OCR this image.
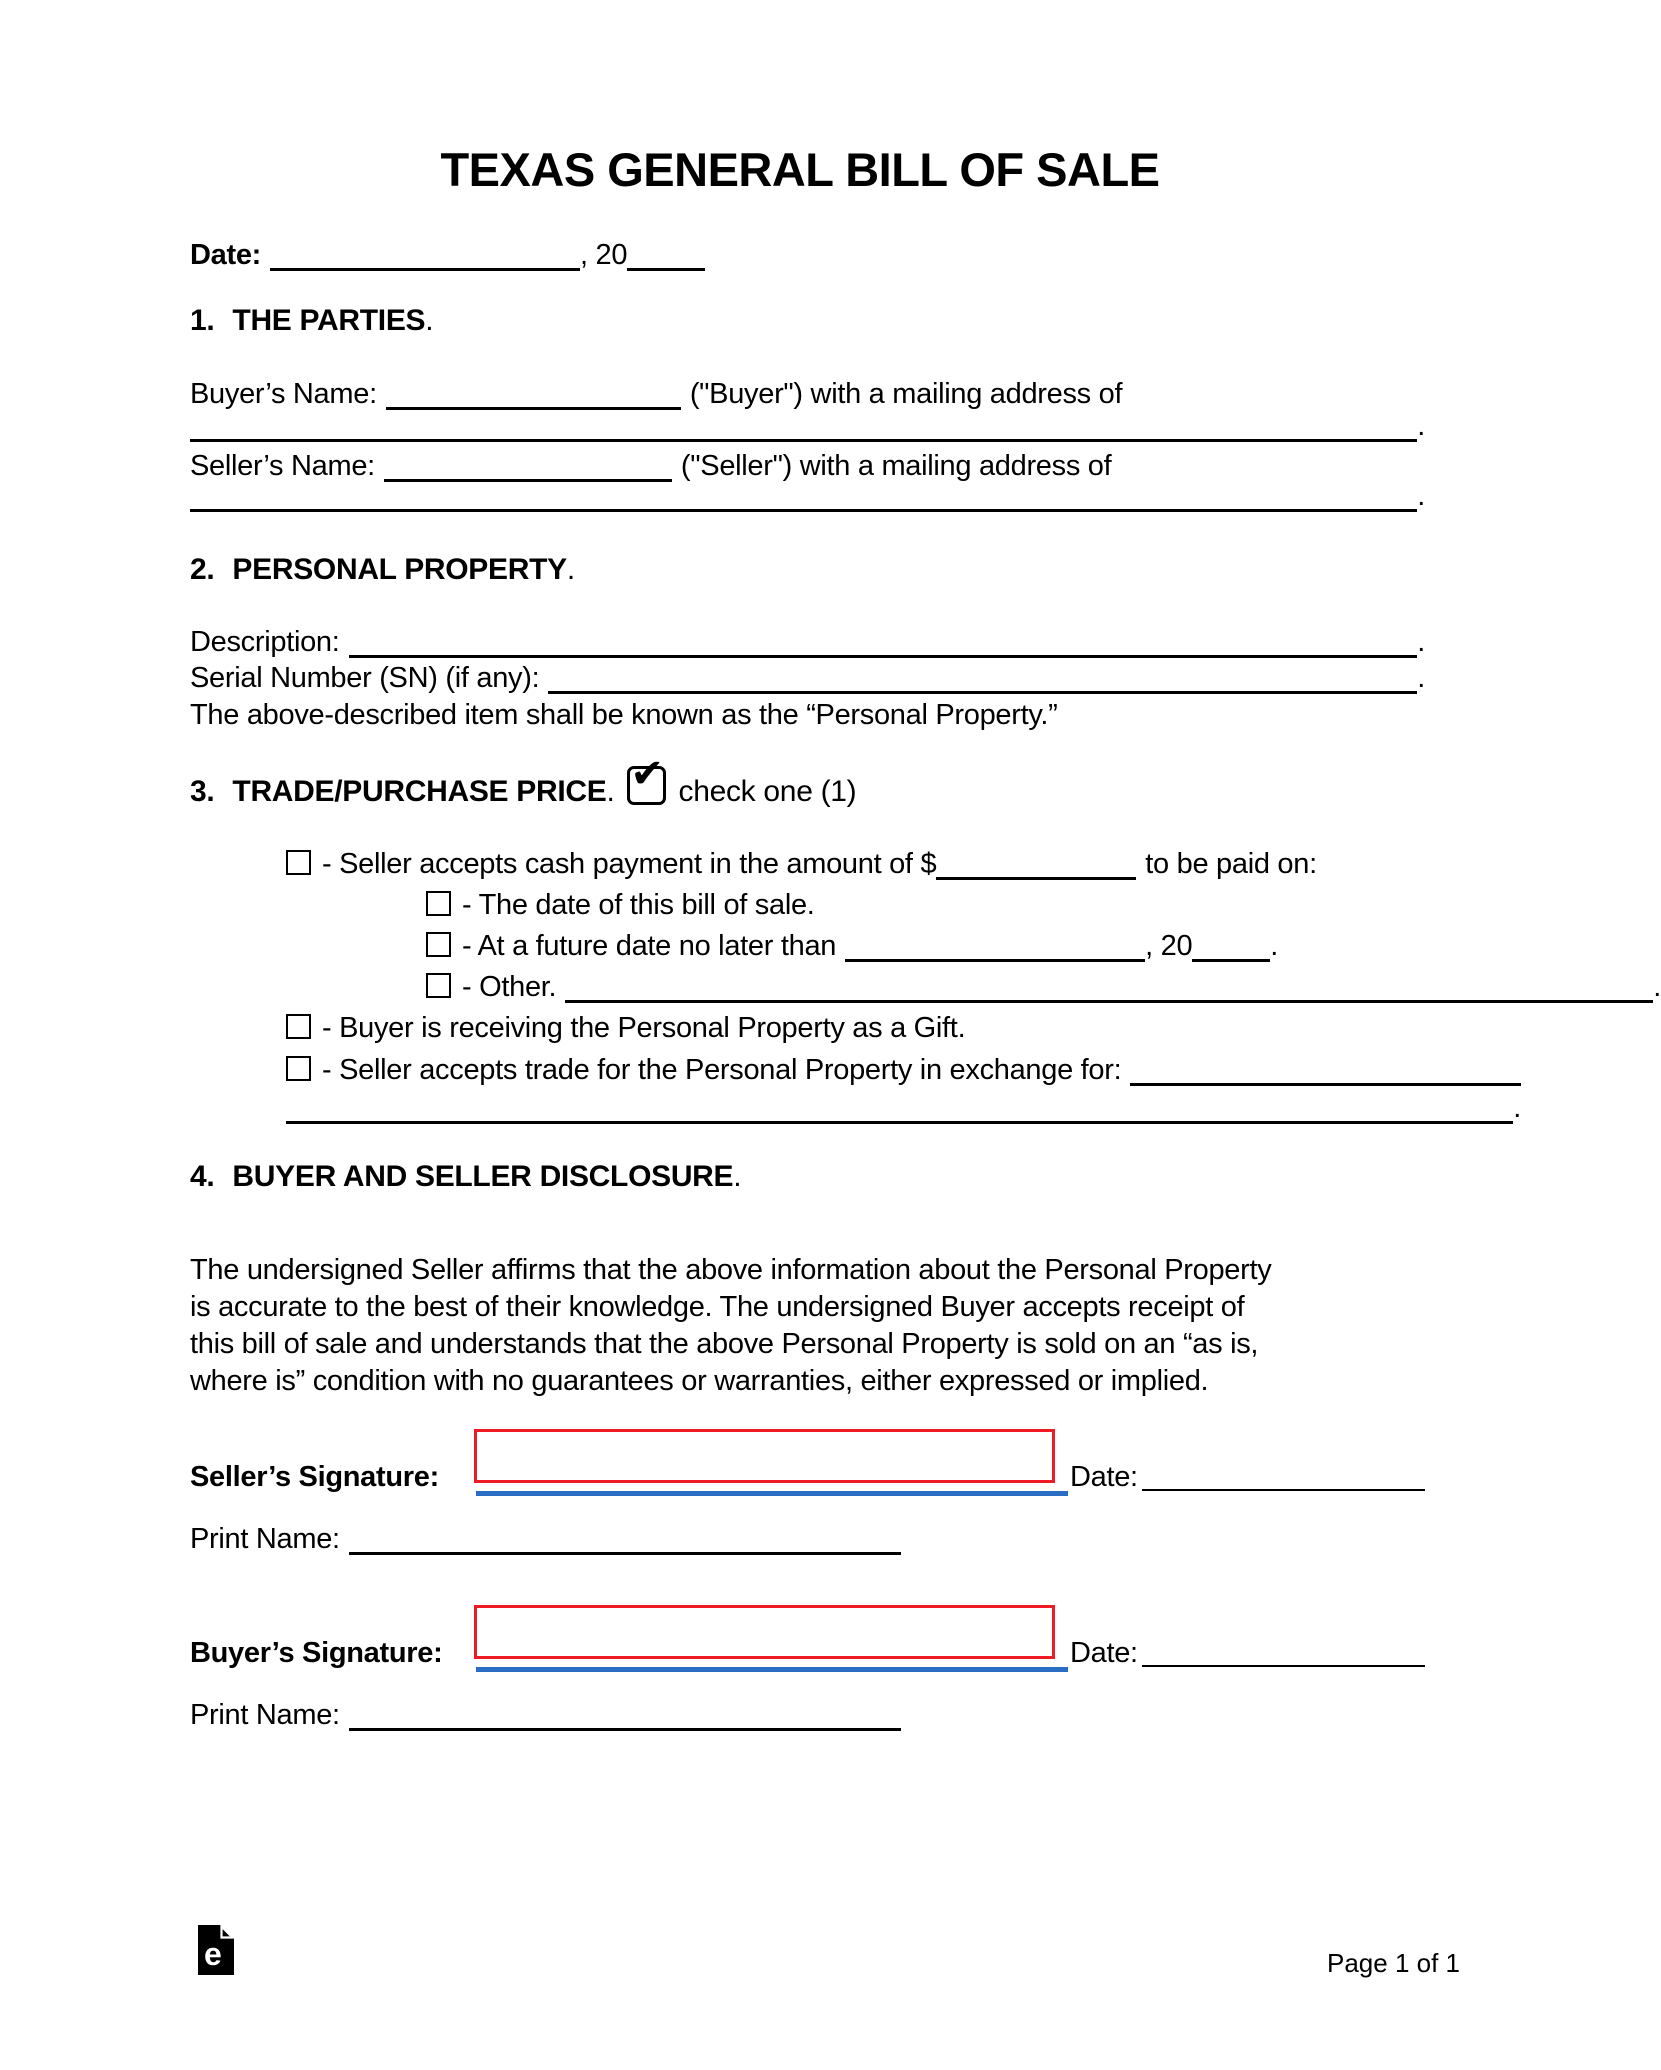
TEXAS GENERAL BILL OF SALE
Date:	, 20
1. THE PARTIES.
Buyer’s Name:	("Buyer") with a mailing address of
.
Seller’s Name:	("Seller") with a mailing address of
.
2. PERSONAL PROPERTY.
Description:	.
Serial Number (SN) (if any):	.
The above-described item shall be known as the “Personal Property.”
3. TRADE/PURCHASE PRICE . ✔ check one (1)
- Seller accepts cash payment in the amount of $	to be paid on:
- The date of this bill of sale.
- At a future date no later than	, 20	.
- Other.	.
- Buyer is receiving the Personal Property as a Gift.
- Seller accepts trade for the Personal Property in exchange for:
.
4. BUYER AND SELLER DISCLOSURE.
The undersigned Seller affirms that the above information about the Personal Property
is accurate to the best of their knowledge. The undersigned Buyer accepts receipt of
this bill of sale and understands that the above Personal Property is sold on an “as is,
where is” condition with no guarantees or warranties, either expressed or implied.
Seller’s Signature:	Date:
Print Name:
Buyer’s Signature:	Date:
Print Name:
e	Page 1 of 1
